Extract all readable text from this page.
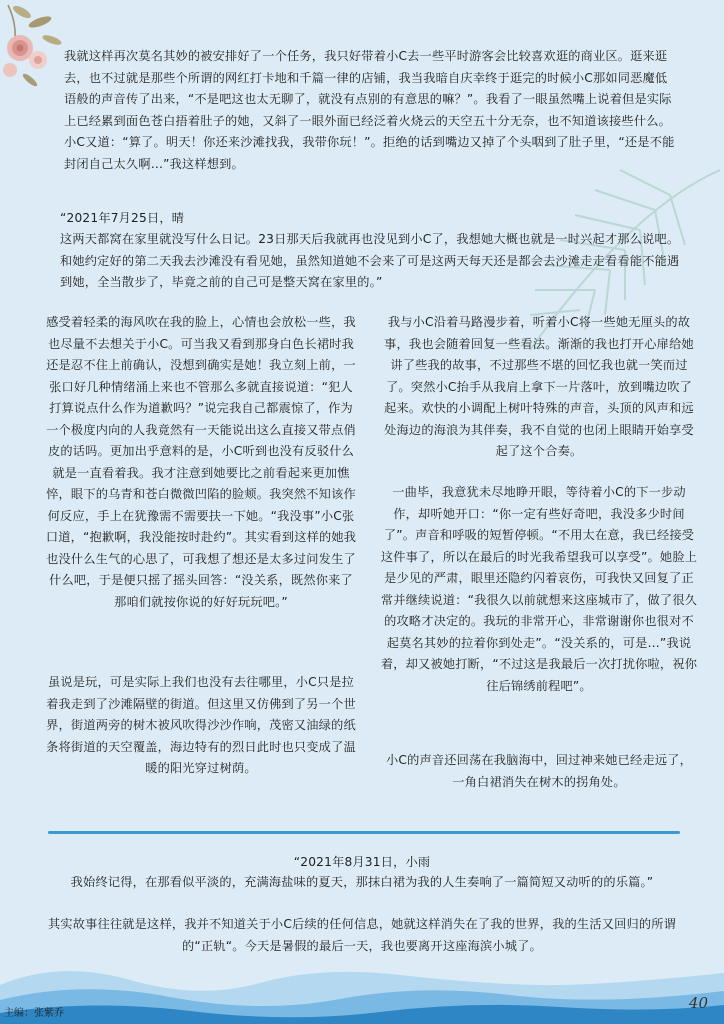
我就这样再次莫名其妙的被安排好了一个任务，我只好带着小C去一些平时游客会比较喜欢逛的商业区。逛来逛去，也不过就是那些个所谓的网红打卡地和千篇一律的店铺，我当我暗自庆幸终于逛完的时候小C那如同恶魔低语般的声音传了出来，“不是吧这也太无聊了，就没有点别的有意思的嘛？”。我看了一眼虽然嘴上说着但是实际上已经累到面色苍白捂着肚子的她，又斜了一眼外面已经泛着火烧云的天空五十分无奈，也不知道该接些什么。小C又道：“算了。明天！你还来沙滩找我，我带你玩！”。拒绝的话到嘴边又掉了个头咽到了肚子里，“还是不能封闭自己太久啊…”我这样想到。

“2021年7月25日，晴

这两天都窝在家里就没写什么日记。23日那天后我就再也没见到小C了，我想她大概也就是一时兴起才那么说吧。和她约定好的第二天我去沙滩没有看见她，虽然知道她不会来了可是这两天每天还是都会去沙滩走走看看能不能遇到她，全当散步了，毕竟之前的自己可是整天窝在家里的。”

感受着轻柔的海风吹在我的脸上，心情也会放松一些，我也尽量不去想关于小C。可当我又看到那身白色长裙时我还是忍不住上前确认，没想到确实是她！我立刻上前，一张口好几种情绪涌上来也不管那么多就直接说道：“犯人打算说点什么作为道歉吗？”说完我自己都震惊了，作为一个极度内向的人我竟然有一天能说出这么直接又带点俏皮的话吗。更加出乎意料的是，小C听到也没有反驳什么就是一直看着我。我才注意到她要比之前看起来更加憔悴，眼下的乌青和苍白微微凹陷的脸颊。我突然不知该作何反应，手上在犹豫需不需要扶一下她。“我没事”小C张口道，“抱歉啊，我没能按时赴约”。其实看到这样的她我也没什么生气的心思了，可我想了想还是太多过问发生了什么吧，于是便只摇了摇头回答：“没关系，既然你来了那咱们就按你说的好好玩玩吧。”

虽说是玩，可是实际上我们也没有去往哪里，小C只是拉着我走到了沙滩隔壁的街道。但这里又仿佛到了另一个世界，街道两旁的树木被风吹得沙沙作响，茂密又油绿的纸条将街道的天空覆盖，海边特有的烈日此时也只变成了温暖的阳光穿过树荫。

我与小C沿着马路漫步着，听着小C将一些她无厘头的故事，我也会随着回复一些看法。渐渐的我也打开心扉给她讲了些我的故事，不过那些不堪的回忆我也就一笑而过了。突然小C抬手从我肩上拿下一片落叶，放到嘴边吹了起来。欢快的小调配上树叶特殊的声音，头顶的风声和远处海边的海浪为其伴奏，我不自觉的也闭上眼睛开始享受起了这个合奏。

一曲毕，我意犹未尽地睁开眼，等待着小C的下一步动作，却听她开口：“你一定有些好奇吧，我没多少时间了”。声音和呼吸的短暂停顿。“不用太在意，我已经接受这件事了，所以在最后的时光我希望我可以享受”。她脸上是少见的严肃，眼里还隐约闪着哀伤，可我快又回复了正常并继续说道：“我很久以前就想来这座城市了，做了很久的攻略才决定的。我玩的非常开心，非常谢谢你也很对不起莫名其妙的拉着你到处走”。“没关系的，可是…”我说着，却又被她打断，“不过这是我最后一次打扰你啦，祝你往后锦绣前程吧”。

小C的声音还回荡在我脑海中，回过神来她已经走远了，一角白裙消失在树木的拐角处。

“2021年8月31日，小雨

我始终记得，在那看似平淡的，充满海盐味的夏天，那抹白裙为我的人生奏响了一篇简短又动听的的乐篇。”

其实故事往往就是这样，我并不知道关于小C后续的任何信息，她就这样消失在了我的世界，我的生活又回归的所谓的“正轨“。今天是暑假的最后一天，我也要离开这座海滨小城了。

主编：张紫乔
40
